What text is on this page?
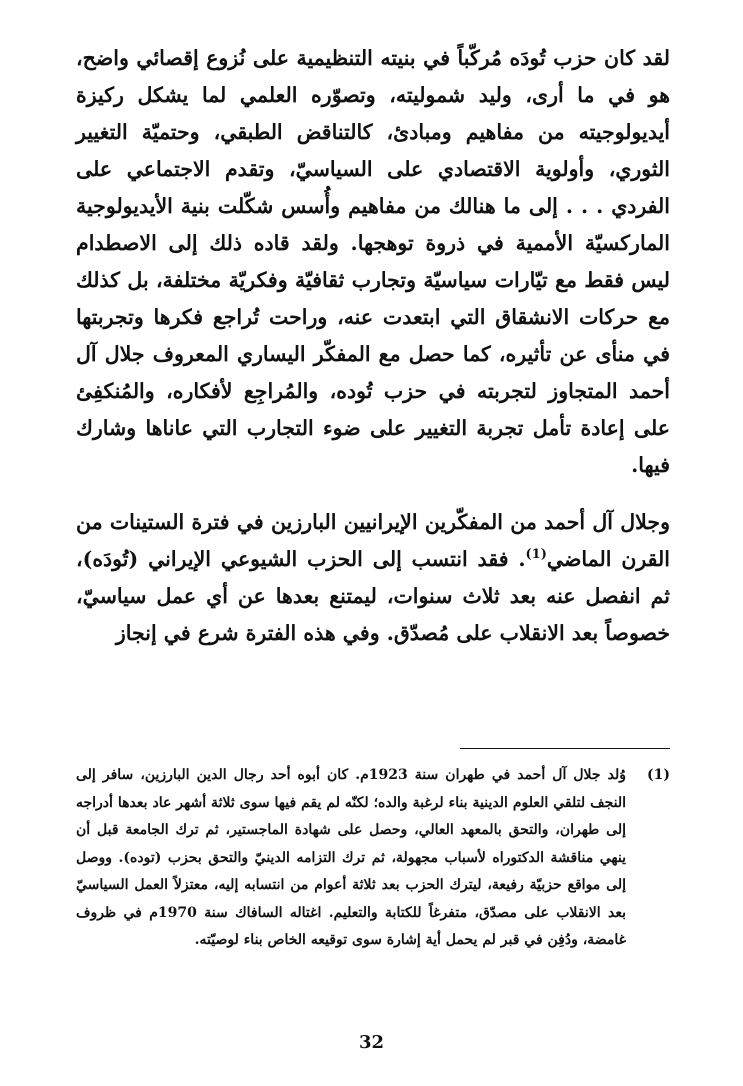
لقد كان حزب تُودَه مُركّباً في بنيته التنظيمية على نُزوع إقصائي واضح، هو في ما أرى، وليد شموليته، وتصوّره العلمي لما يشكل ركيزة أيديولوجيته من مفاهيم ومبادئ، كالتناقض الطبقي، وحتميّة التغيير الثوري، وأولوية الاقتصادي على السياسيّ، وتقدم الاجتماعي على الفردي . . . إلى ما هنالك من مفاهيم وأُسس شكّلت بنية الأيديولوجية الماركسيّة الأممية في ذروة توهجها. ولقد قاده ذلك إلى الاصطدام ليس فقط مع تيّارات سياسيّة وتجارب ثقافيّة وفكريّة مختلفة، بل كذلك مع حركات الانشقاق التي ابتعدت عنه، وراحت تُراجع فكرها وتجربتها في منأى عن تأثيره، كما حصل مع المفكّر اليساري المعروف جلال آل أحمد المتجاوز لتجربته في حزب تُوده، والمُراجِع لأفكاره، والمُنكفِئ على إعادة تأمل تجربة التغيير على ضوء التجارب التي عاناها وشارك فيها.

وجلال آل أحمد من المفكّرين الإيرانيين البارزين في فترة الستينات من القرن الماضي$^{(1)}$. فقد انتسب إلى الحزب الشيوعي الإيراني (تُودَه)، ثم انفصل عنه بعد ثلاث سنوات، ليمتنع بعدها عن أي عمل سياسيّ، خصوصاً بعد الانقلاب على مُصدّق. وفي هذه الفترة شرع في إنجاز

(1)
وُلد جلال آل أحمد في طهران سنة 1923م. كان أبوه أحد رجال الدين البارزين، سافر إلى النجف لتلقي العلوم الدينية بناء لرغبة والده؛ لكنّه لم يقم فيها سوى ثلاثة أشهر عاد بعدها أدراجه إلى طهران، والتحق بالمعهد العالي، وحصل على شهادة الماجستير، ثم ترك الجامعة قبل أن ينهي مناقشة الدكتوراه لأسباب مجهولة، ثم ترك التزامه الدينيّ والتحق بحزب (توده). ووصل إلى مواقع حزبيّة رفيعة، ليترك الحزب بعد ثلاثة أعوام من انتسابه إليه، معتزلاً العمل السياسيّ بعد الانقلاب على مصدّق، متفرغاً للكتابة والتعليم. اغتاله السافاك سنة 1970م في ظروف غامضة، ودُفِن في قبر لم يحمل أية إشارة سوى توقيعه الخاص بناء لوصيّته.
32
